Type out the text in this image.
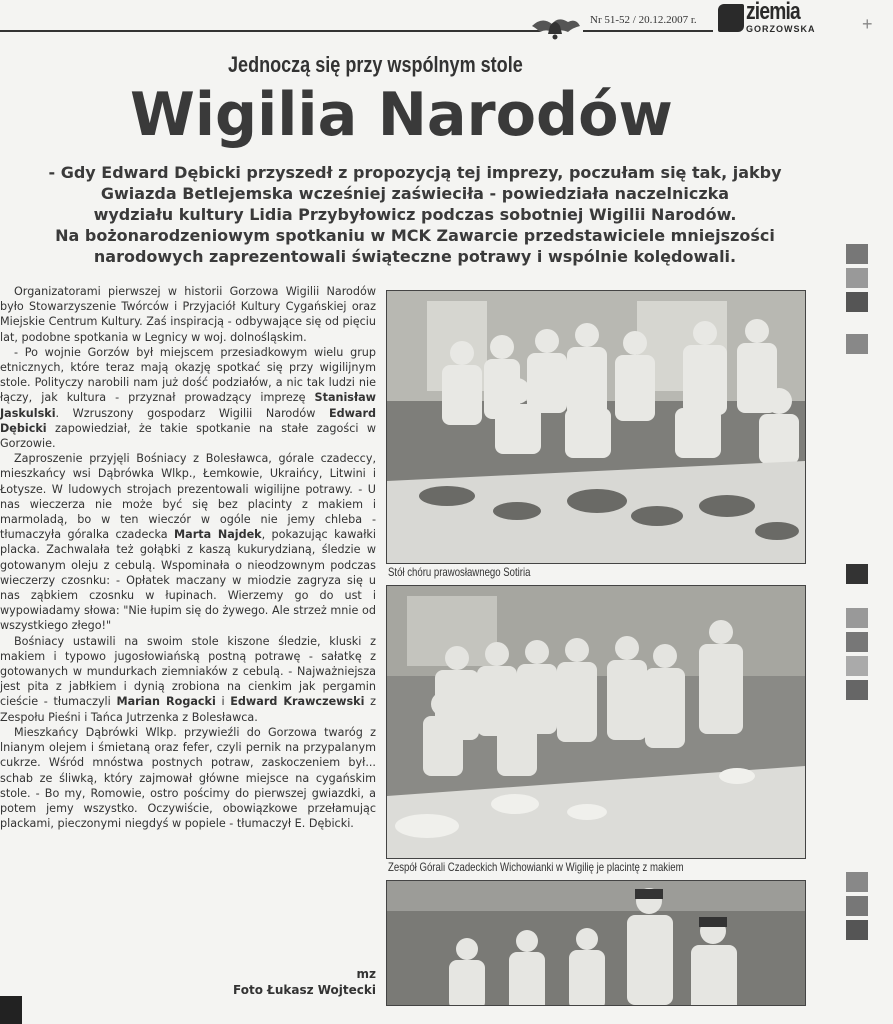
Nr 51-52 / 20.12.2007 r. ziemia
GORZOWSKA	+
Jednoczą się przy wspólnym stole
Wigilia Narodów
- Gdy Edward Dębicki przyszedł z propozycją tej imprezy, poczułam się tak, jakby
Gwiazda Betlejemska wcześniej zaświeciła - powiedziała naczelniczka
wydziału kultury Lidia Przybyłowicz podczas sobotniej Wigilii Narodów.
Na bożonarodzeniowym spotkaniu w MCK Zawarcie przedstawiciele mniejszości
narodowych zaprezentowali świąteczne potrawy i wspólnie kolędowali.

Organizatorami pierwszej w historii Gorzowa Wigilii Narodów było Stowarzyszenie Twórców i Przyjaciół Kultury Cygańskiej oraz Miejskie Centrum Kultury. Zaś inspiracją - odbywające się od pięciu lat, podobne spotkania w Legnicy w woj. dolnośląskim.

- Po wojnie Gorzów był miejscem przesiadkowym wielu grup etnicznych, które teraz mają okazję spotkać się przy wigilijnym stole. Polityczy narobili nam już dość podziałów, a nic tak ludzi nie łączy, jak kultura - przyznał prowadzący imprezę Stanisław Jaskulski. Wzruszony gospodarz Wigilii Narodów Edward Dębicki zapowiedział, że takie spotkanie na stałe zagości w Gorzowie.

Zaproszenie przyjęli Bośniacy z Bolesławca, górale czadeccy, mieszkańcy wsi Dąbrówka Wlkp., Łemkowie, Ukraińcy, Litwini i Łotysze. W ludowych strojach prezentowali wigilijne potrawy. - U nas wieczerza nie może być się bez placinty z makiem i marmoladą, bo w ten wieczór w ogóle nie jemy chleba - tłumaczyła góralka czadecka Marta Najdek, pokazując kawałki placka. Zachwalała też gołąbki z kaszą kukurydzianą, śledzie w gotowanym oleju z cebulą. Wspominała o nieodzownym podczas wieczerzy czosnku: - Opłatek maczany w miodzie zagryza się u nas ząbkiem czosnku w łupinach. Wierzemy go do ust i wypowiadamy słowa: "Nie łupim się do żywego. Ale strzeż mnie od wszystkiego złego!"

Bośniacy ustawili na swoim stole kiszone śledzie, kluski z makiem i typowo jugosłowiańską postną potrawę - sałatkę z gotowanych w mundurkach ziemniaków z cebulą. - Najważniejsza jest pita z jabłkiem i dynią zrobiona na cienkim jak pergamin cieście - tłumaczyli Marian Rogacki i Edward Krawczewski z Zespołu Pieśni i Tańca Jutrzenka z Bolesławca.

Mieszkańcy Dąbrówki Wlkp. przywieźli do Gorzowa twaróg z lnianym olejem i śmietaną oraz fefer, czyli pernik na przypalanym cukrze. Wśród mnóstwa postnych potraw, zaskoczeniem był... schab ze śliwką, który zajmował główne miejsce na cygańskim stole. - Bo my, Romowie, ostro pościmy do pierwszej gwiazdki, a potem jemy wszystko. Oczywiście, obowiązkowe przełamując plackami, pieczonymi niegdyś w popiele - tłumaczył E. Dębicki.

mz
Foto Łukasz Wojtecki
Stół chóru prawosławnego Sotiria
Zespół Górali Czadeckich Wichowianki w Wigilię je placintę z makiem
